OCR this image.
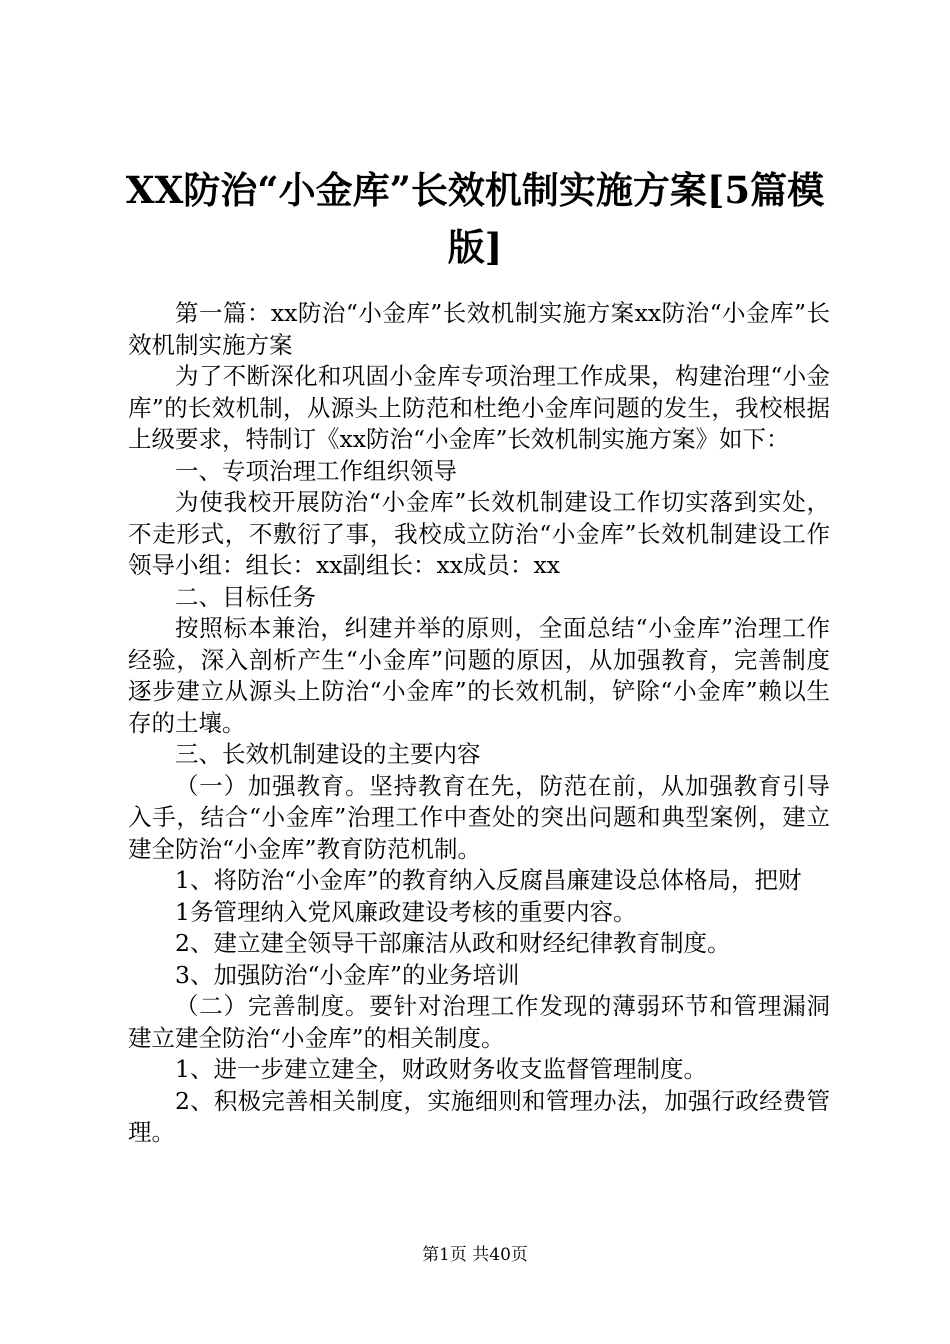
XX防治“小金库”长效机制实施方案[5篇模版]

第一篇：xx防治“小金库”长效机制实施方案xx防治“小金库”长效机制实施方案

为了不断深化和巩固小金库专项治理工作成果，构建治理“小金库”的长效机制，从源头上防范和杜绝小金库问题的发生，我校根据上级要求，特制订《xx防治“小金库”长效机制实施方案》如下：

一、专项治理工作组织领导

为使我校开展防治“小金库”长效机制建设工作切实落到实处，不走形式，不敷衍了事，我校成立防治“小金库”长效机制建设工作领导小组：组长：xx副组长：xx成员：xx

二、目标任务

按照标本兼治，纠建并举的原则，全面总结“小金库”治理工作经验，深入剖析产生“小金库”问题的原因，从加强教育，完善制度逐步建立从源头上防治“小金库”的长效机制，铲除“小金库”赖以生存的土壤。

三、长效机制建设的主要内容

（一）加强教育。坚持教育在先，防范在前，从加强教育引导入手，结合“小金库”治理工作中查处的突出问题和典型案例，建立建全防治“小金库”教育防范机制。

1、将防治“小金库”的教育纳入反腐昌廉建设总体格局，把财

1务管理纳入党风廉政建设考核的重要内容。

2、建立建全领导干部廉洁从政和财经纪律教育制度。

3、加强防治“小金库”的业务培训

（二）完善制度。要针对治理工作发现的薄弱环节和管理漏洞建立建全防治“小金库”的相关制度。

1、进一步建立建全，财政财务收支监督管理制度。

2、积极完善相关制度，实施细则和管理办法，加强行政经费管理。

第1页 共40页
